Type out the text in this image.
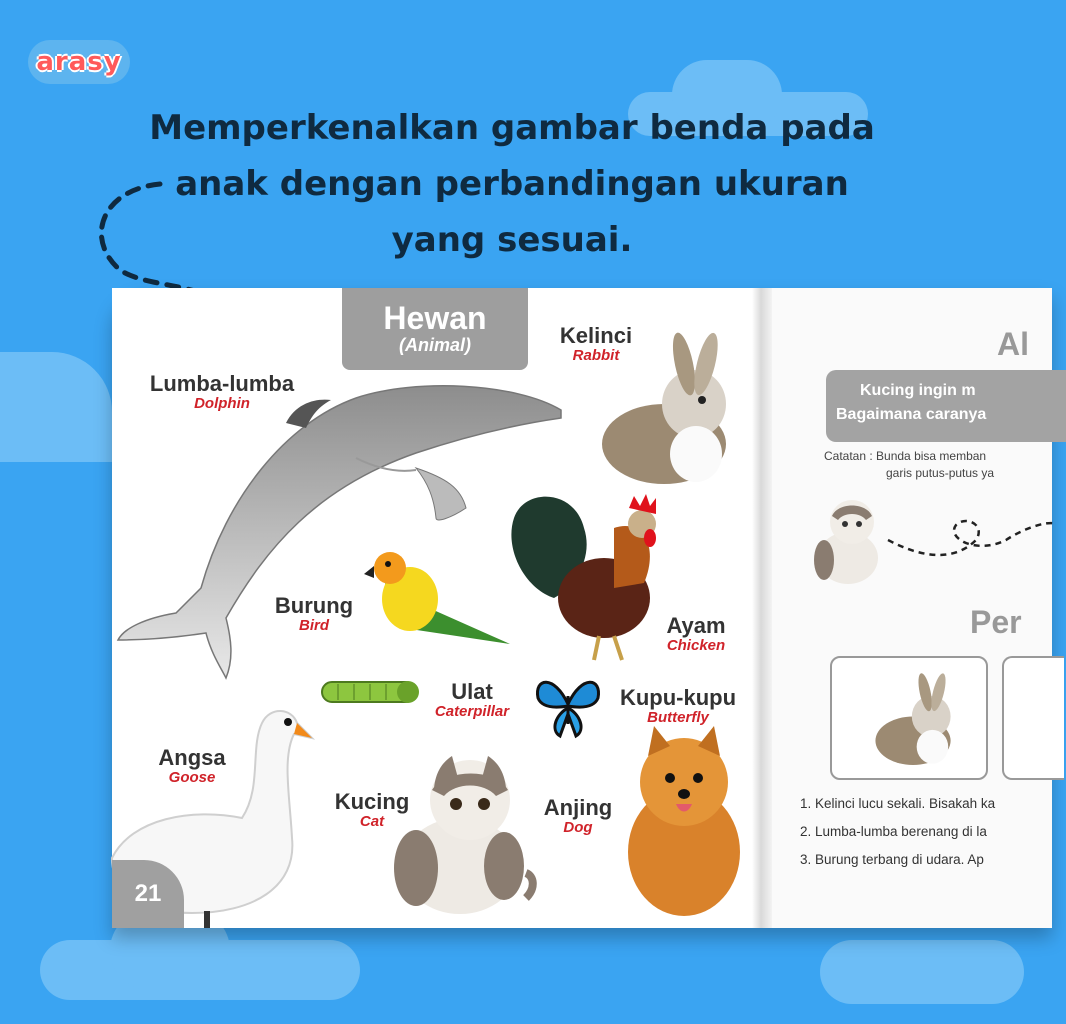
arasy
Memperkenalkan gambar benda pada
anak dengan perbandingan ukuran
yang sesuai.
Hewan
(Animal)
Lumba-lumba
Dolphin
Kelinci
Rabbit
Burung
Bird	Ayam
Chicken
Ulat
Caterpillar
Kupu-kupu
Butterfly
Angsa
Goose
Kucing
Cat
Anjing
Dog
21
Al
Kucing ingin m
Bagaimana caranya
Catatan : Bunda bisa memban
garis putus-putus ya
Per
1. Kelinci lucu sekali. Bisakah ka
2. Lumba-lumba berenang di la
3. Burung terbang di udara. Ap
